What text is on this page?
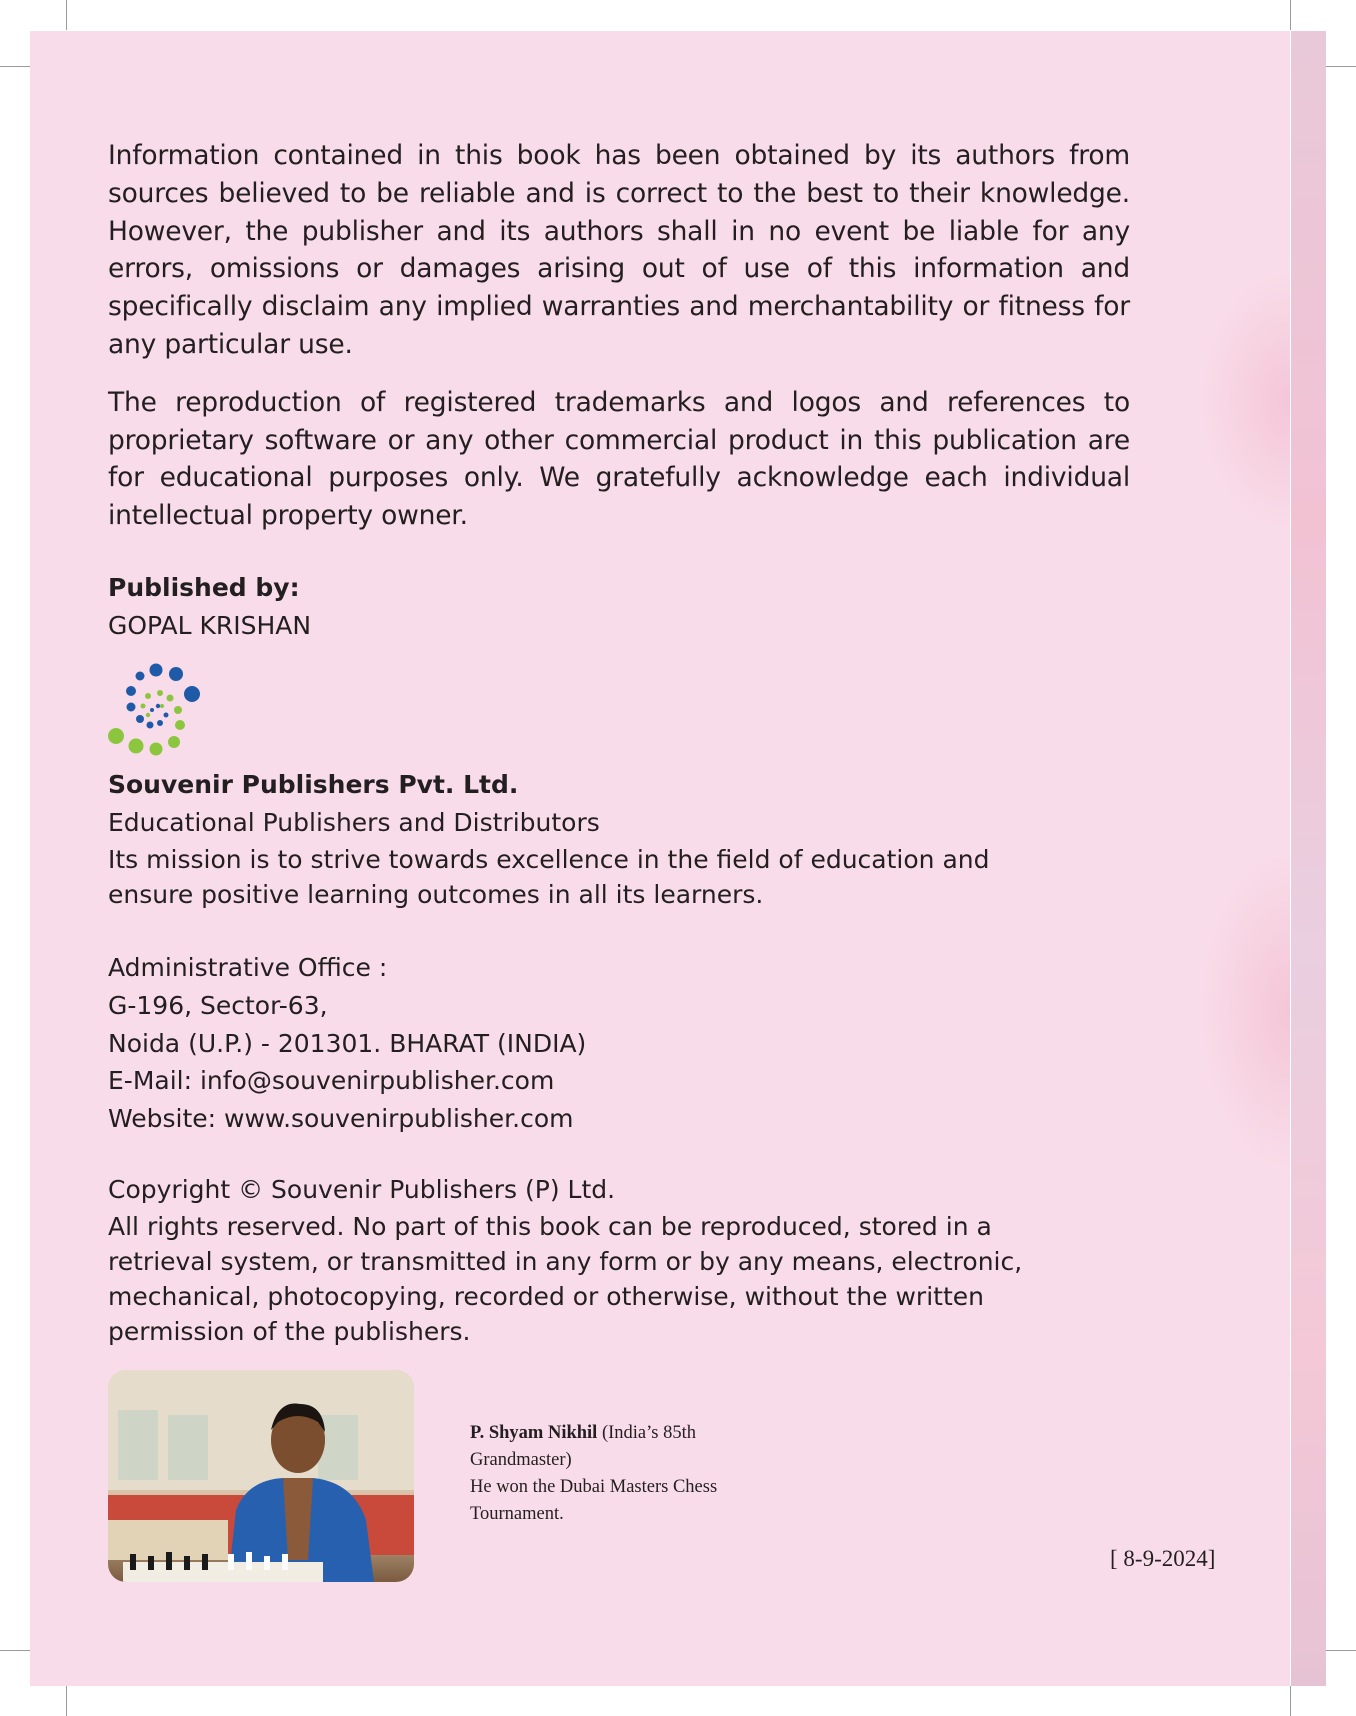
Information contained in this book has been obtained by its authors from sources believed to be reliable and is correct to the best to their knowledge. However, the publisher and its authors shall in no event be liable for any errors, omissions or damages arising out of use of this information and specifically disclaim any implied warranties and merchantability or fitness for any particular use.

The reproduction of registered trademarks and logos and references to proprietary software or any other commercial product in this publication are for educational purposes only. We gratefully acknowledge each individual intellectual property owner.

Published by:
GOPAL KRISHAN
Souvenir Publishers Pvt. Ltd.
Educational Publishers and Distributors
Its mission is to strive towards excellence in the field of education and
ensure positive learning outcomes in all its learners.
Administrative Office :
G-196, Sector-63,
Noida (U.P.) - 201301. BHARAT (INDIA)
E-Mail: info@souvenirpublisher.com
Website: www.souvenirpublisher.com
Copyright © Souvenir Publishers (P) Ltd.
All rights reserved. No part of this book can be reproduced, stored in a
retrieval system, or transmitted in any form or by any means, electronic,
mechanical, photocopying, recorded or otherwise, without the written
permission of the publishers.
P. Shyam Nikhil (India’s 85th
Grandmaster)
He won the Dubai Masters Chess
Tournament.
[ 8-9-2024]
